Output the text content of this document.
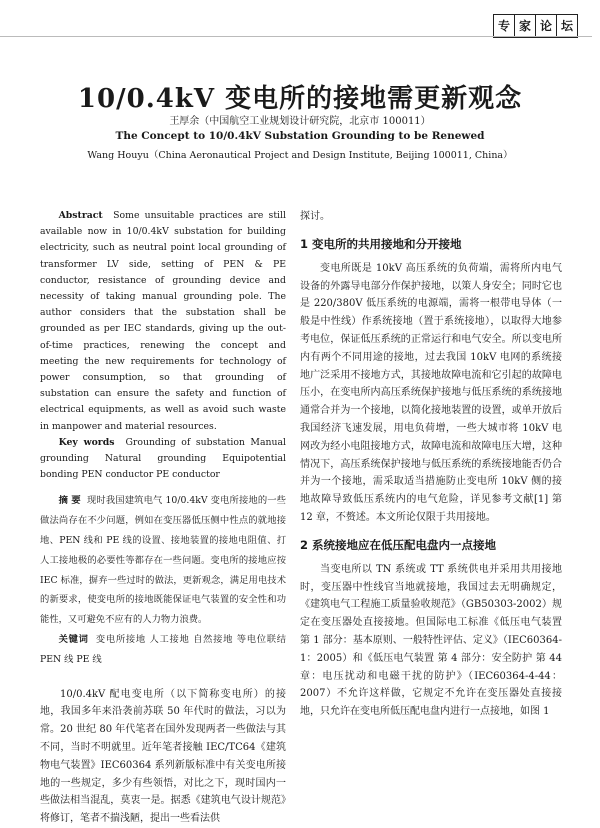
专 家 论 坛
10/0.4kV 变电所的接地需更新观念
王厚余（中国航空工业规划设计研究院，北京市 100011）
The Concept to 10/0.4kV Substation Grounding to be Renewed
Wang Houyu（China Aeronautical Project and Design Institute, Beijing 100011, China）

Abstract Some unsuitable practices are still available now in 10/0.4kV substation for building electricity, such as neutral point local grounding of transformer LV side, setting of PEN & PE conductor, resistance of grounding device and necessity of taking manual grounding pole. The author considers that the substation shall be grounded as per IEC standards, giving up the out-of-time practices, renewing the concept and meeting the new requirements for technology of power consumption, so that grounding of substation can ensure the safety and function of electrical equipments, as well as avoid such waste in manpower and material resources.

Key words Grounding of substation Manual grounding Natural grounding Equipotential bonding PEN conductor PE conductor

摘 要 现时我国建筑电气 10/0.4kV 变电所接地的一些做法尚存在不少问题，例如在变压器低压侧中性点的就地接地、PEN 线和 PE 线的设置、接地装置的接地电阻值、打人工接地极的必要性等都存在一些问题。变电所的接地应按 IEC 标准，摒弃一些过时的做法，更新观念，满足用电技术的新要求，使变电所的接地既能保证电气装置的安全性和功能性，又可避免不应有的人力物力浪费。

关键词 变电所接地 人工接地 自然接地 等电位联结 PEN 线 PE 线

10/0.4kV 配电变电所（以下简称变电所）的接地，我国多年来沿袭前苏联 50 年代时的做法，习以为常。20 世纪 80 年代笔者在国外发现两者一些做法与其不同，当时不明就里。近年笔者接触 IEC/TC64《建筑物电气装置》IEC60364 系列新版标准中有关变电所接地的一些规定，多少有些领悟，对比之下，现时国内一些做法相当混乱，莫衷一是。据悉《建筑电气设计规范》将修订，笔者不揣浅陋，提出一些看法供

探讨。

1 变电所的共用接地和分开接地

变电所既是 10kV 高压系统的负荷端，需将所内电气设备的外露导电部分作保护接地，以策人身安全；同时它也是 220/380V 低压系统的电源端，需将一根带电导体（一般是中性线）作系统接地（置于系统接地），以取得大地参考电位，保证低压系统的正常运行和电气安全。所以变电所内有两个不同用途的接地，过去我国 10kV 电网的系统接地广泛采用不接地方式，其接地故障电流和它引起的故障电压小，在变电所内高压系统保护接地与低压系统的系统接地通常合并为一个接地，以简化接地装置的设置，或单开放后我国经济飞速发展，用电负荷增，一些大城市将 10kV 电网改为经小电阻接地方式，故障电流和故障电压大增，这种情况下，高压系统保护接地与低压系统的系统接地能否仍合并为一个接地，需采取适当措施防止变电所 10kV 侧的接地故障导致低压系统内的电气危险，详见参考文献[1] 第 12 章，不赘述。本文所论仅限于共用接地。

2 系统接地应在低压配电盘内一点接地

当变电所以 TN 系统或 TT 系统供电并采用共用接地时，变压器中性线官当地就接地，我国过去无明确规定，《建筑电气工程施工质量验收规范》（GB50303-2002）规定在变压器处直接接地。但国际电工标准《低压电气装置 第 1 部分：基本原则、一般特性评估、定义》（IEC60364-1：2005）和《低压电气装置 第 4 部分：安全防护 第 44 章：电压扰动和电磁干扰的防护》（IEC60364-4-44：2007）不允许这样做，它规定不允许在变压器处直接接地，只允许在变电所低压配电盘内进行一点接地，如图 1
